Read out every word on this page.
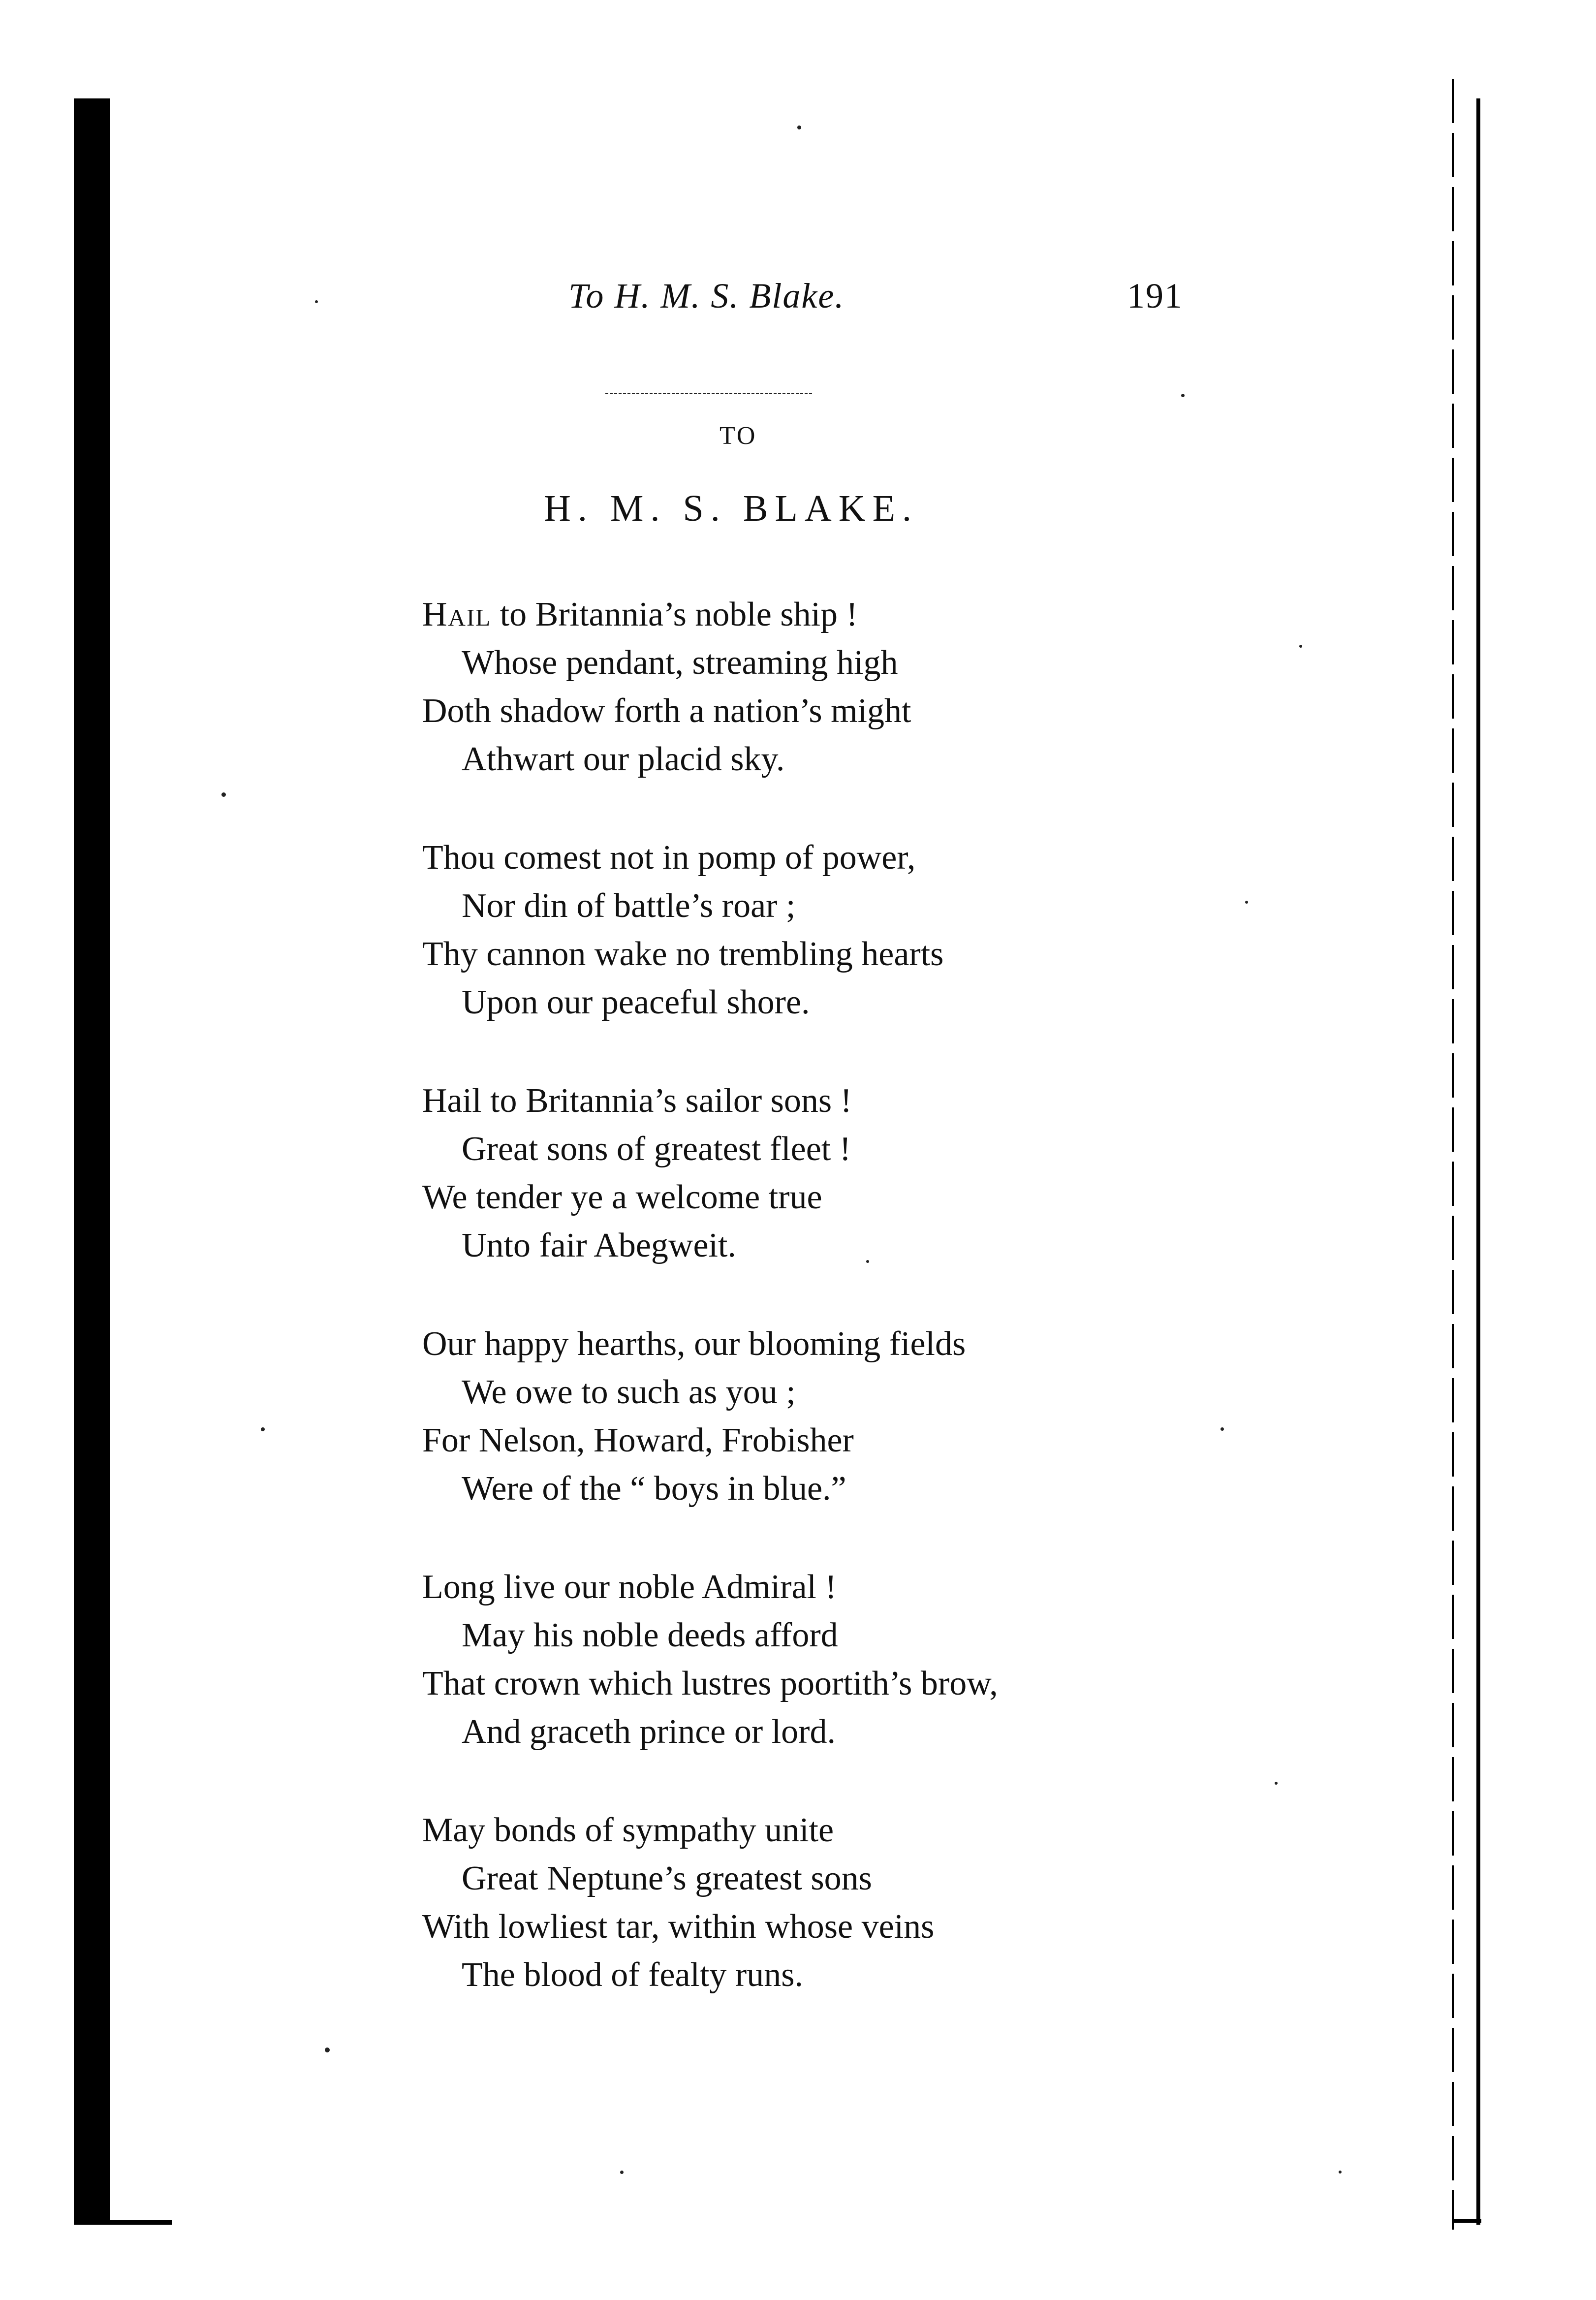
To H. M. S. Blake.	191
TO
H. M. S. BLAKE.
Hail to Britannia’s noble ship !
Whose pendant, streaming high
Doth shadow forth a nation’s might
Athwart our placid sky.
Thou comest not in pomp of power,
Nor din of battle’s roar ;
Thy cannon wake no trembling hearts
Upon our peaceful shore.
Hail to Britannia’s sailor sons !
Great sons of greatest fleet !
We tender ye a welcome true
Unto fair Abegweit.
Our happy hearths, our blooming fields
We owe to such as you ;
For Nelson, Howard, Frobisher
Were of the “ boys in blue.”
Long live our noble Admiral !
May his noble deeds afford
That crown which lustres poortith’s brow,
And graceth prince or lord.
May bonds of sympathy unite
Great Neptune’s greatest sons
With lowliest tar, within whose veins
The blood of fealty runs.
